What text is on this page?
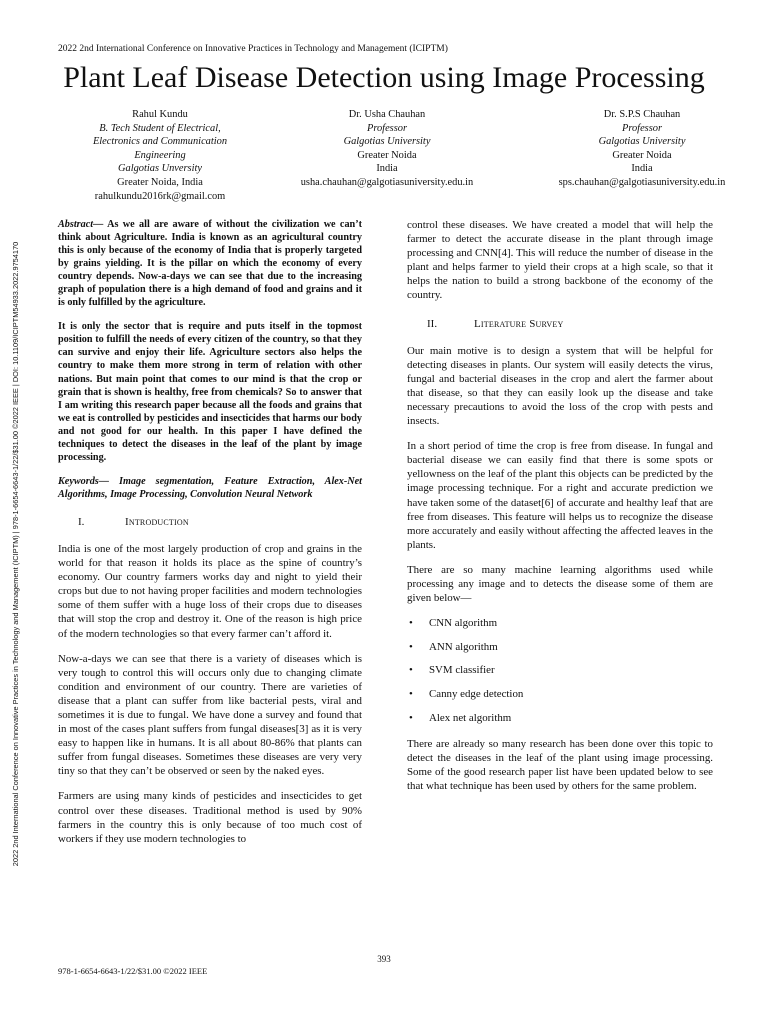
2022 2nd International Conference on Innovative Practices in Technology and Management (ICIPTM)
Plant Leaf Disease Detection using Image Processing
Rahul Kundu
B. Tech Student of Electrical,
Electronics and Communication
Engineering
Galgotias Unversity
Greater Noida, India
rahulkundu2016rk@gmail.com
Dr. Usha Chauhan
Professor
Galgotias University
Greater Noida
India
usha.chauhan@galgotiasuniversity.edu.in
Dr. S.P.S Chauhan
Professor
Galgotias University
Greater Noida
India
sps.chauhan@galgotiasuniversity.edu.in
2022 2nd International Conference on Innovative Practices in Technology and Management (ICIPTM) | 978-1-6654-6643-1/22/$31.00 ©2022 IEEE | DOI: 10.1109/ICIPTM54933.2022.9754170

Abstract— As we all are aware of without the civilization we can’t think about Agriculture. India is known as an agricultural country this is only because of the economy of India that is properly targeted by grains yielding. It is the pillar on which the economy of every country depends. Now-a-days we can see that due to the increasing graph of population there is a high demand of food and grains and it is only fulfilled by the agriculture.

It is only the sector that is require and puts itself in the topmost position to fulfill the needs of every citizen of the country, so that they can survive and enjoy their life. Agriculture sectors also helps the country to make them more strong in term of relation with other nations. But main point that comes to our mind is that the crop or grain that is shown is healthy, free from chemicals? So to answer that I am writing this research paper because all the foods and grains that we eat is controlled by pesticides and insecticides that harms our body and not good for our health. In this paper I have defined the techniques to detect the diseases in the leaf of the plant by image processing.

Keywords— Image segmentation, Feature Extraction, Alex-Net Algorithms, Image Processing, Convolution Neural Network

I.	Introduction

India is one of the most largely production of crop and grains in the world for that reason it holds its place as the spine of country’s economy. Our country farmers works day and night to yield their crops but due to not having proper facilities and modern technologies some of them suffer with a huge loss of their crops due to diseases that will stop the crop and destroy it. One of the reason is high price of the modern technologies so that every farmer can’t afford it.

Now-a-days we can see that there is a variety of diseases which is very tough to control this will occurs only due to changing climate condition and environment of our country. There are varieties of disease that a plant can suffer from like bacterial pests, viral and sometimes it is due to fungal. We have done a survey and found that in most of the cases plant suffers from fungal diseases[3] as it is very easy to happen like in humans. It is all about 80-86% that plants can suffer from fungal diseases. Sometimes these diseases are very very tiny so that they can’t be observed or seen by the naked eyes.

Farmers are using many kinds of pesticides and insecticides to get control over these diseases. Traditional method is used by 90% farmers in the country this is only because of too much cost of workers if they use modern technologies to

control these diseases. We have created a model that will help the farmer to detect the accurate disease in the plant through image processing and CNN[4]. This will reduce the number of disease in the plant and helps farmer to yield their crops at a high scale, so that it helps the nation to build a strong backbone of the economy of the country.

II.	Literature Survey

Our main motive is to design a system that will be helpful for detecting diseases in plants. Our system will easily detects the virus, fungal and bacterial diseases in the crop and alert the farmer about that disease, so that they can easily look up the disease and take necessary precautions to avoid the loss of the crop with pests and insects.

In a short period of time the crop is free from disease. In fungal and bacterial disease we can easily find that there is some spots or yellowness on the leaf of the plant this objects can be predicted by the image processing technique. For a right and accurate prediction we have taken some of the dataset[6] of accurate and healthy leaf that are free from diseases. This feature will helps us to recognize the disease more accurately and easily without affecting the affected leaves in the plants.

There are so many machine learning algorithms used while processing any image and to detects the disease some of them are given below—

• CNN algorithm
• ANN algorithm
• SVM classifier
• Canny edge detection
• Alex net algorithm

There are already so many research has been done over this topic to detect the diseases in the leaf of the plant using image processing. Some of the good research paper list have been updated below to see that what technique has been used by others for the same problem.

393
978-1-6654-6643-1/22/$31.00 ©2022 IEEE
